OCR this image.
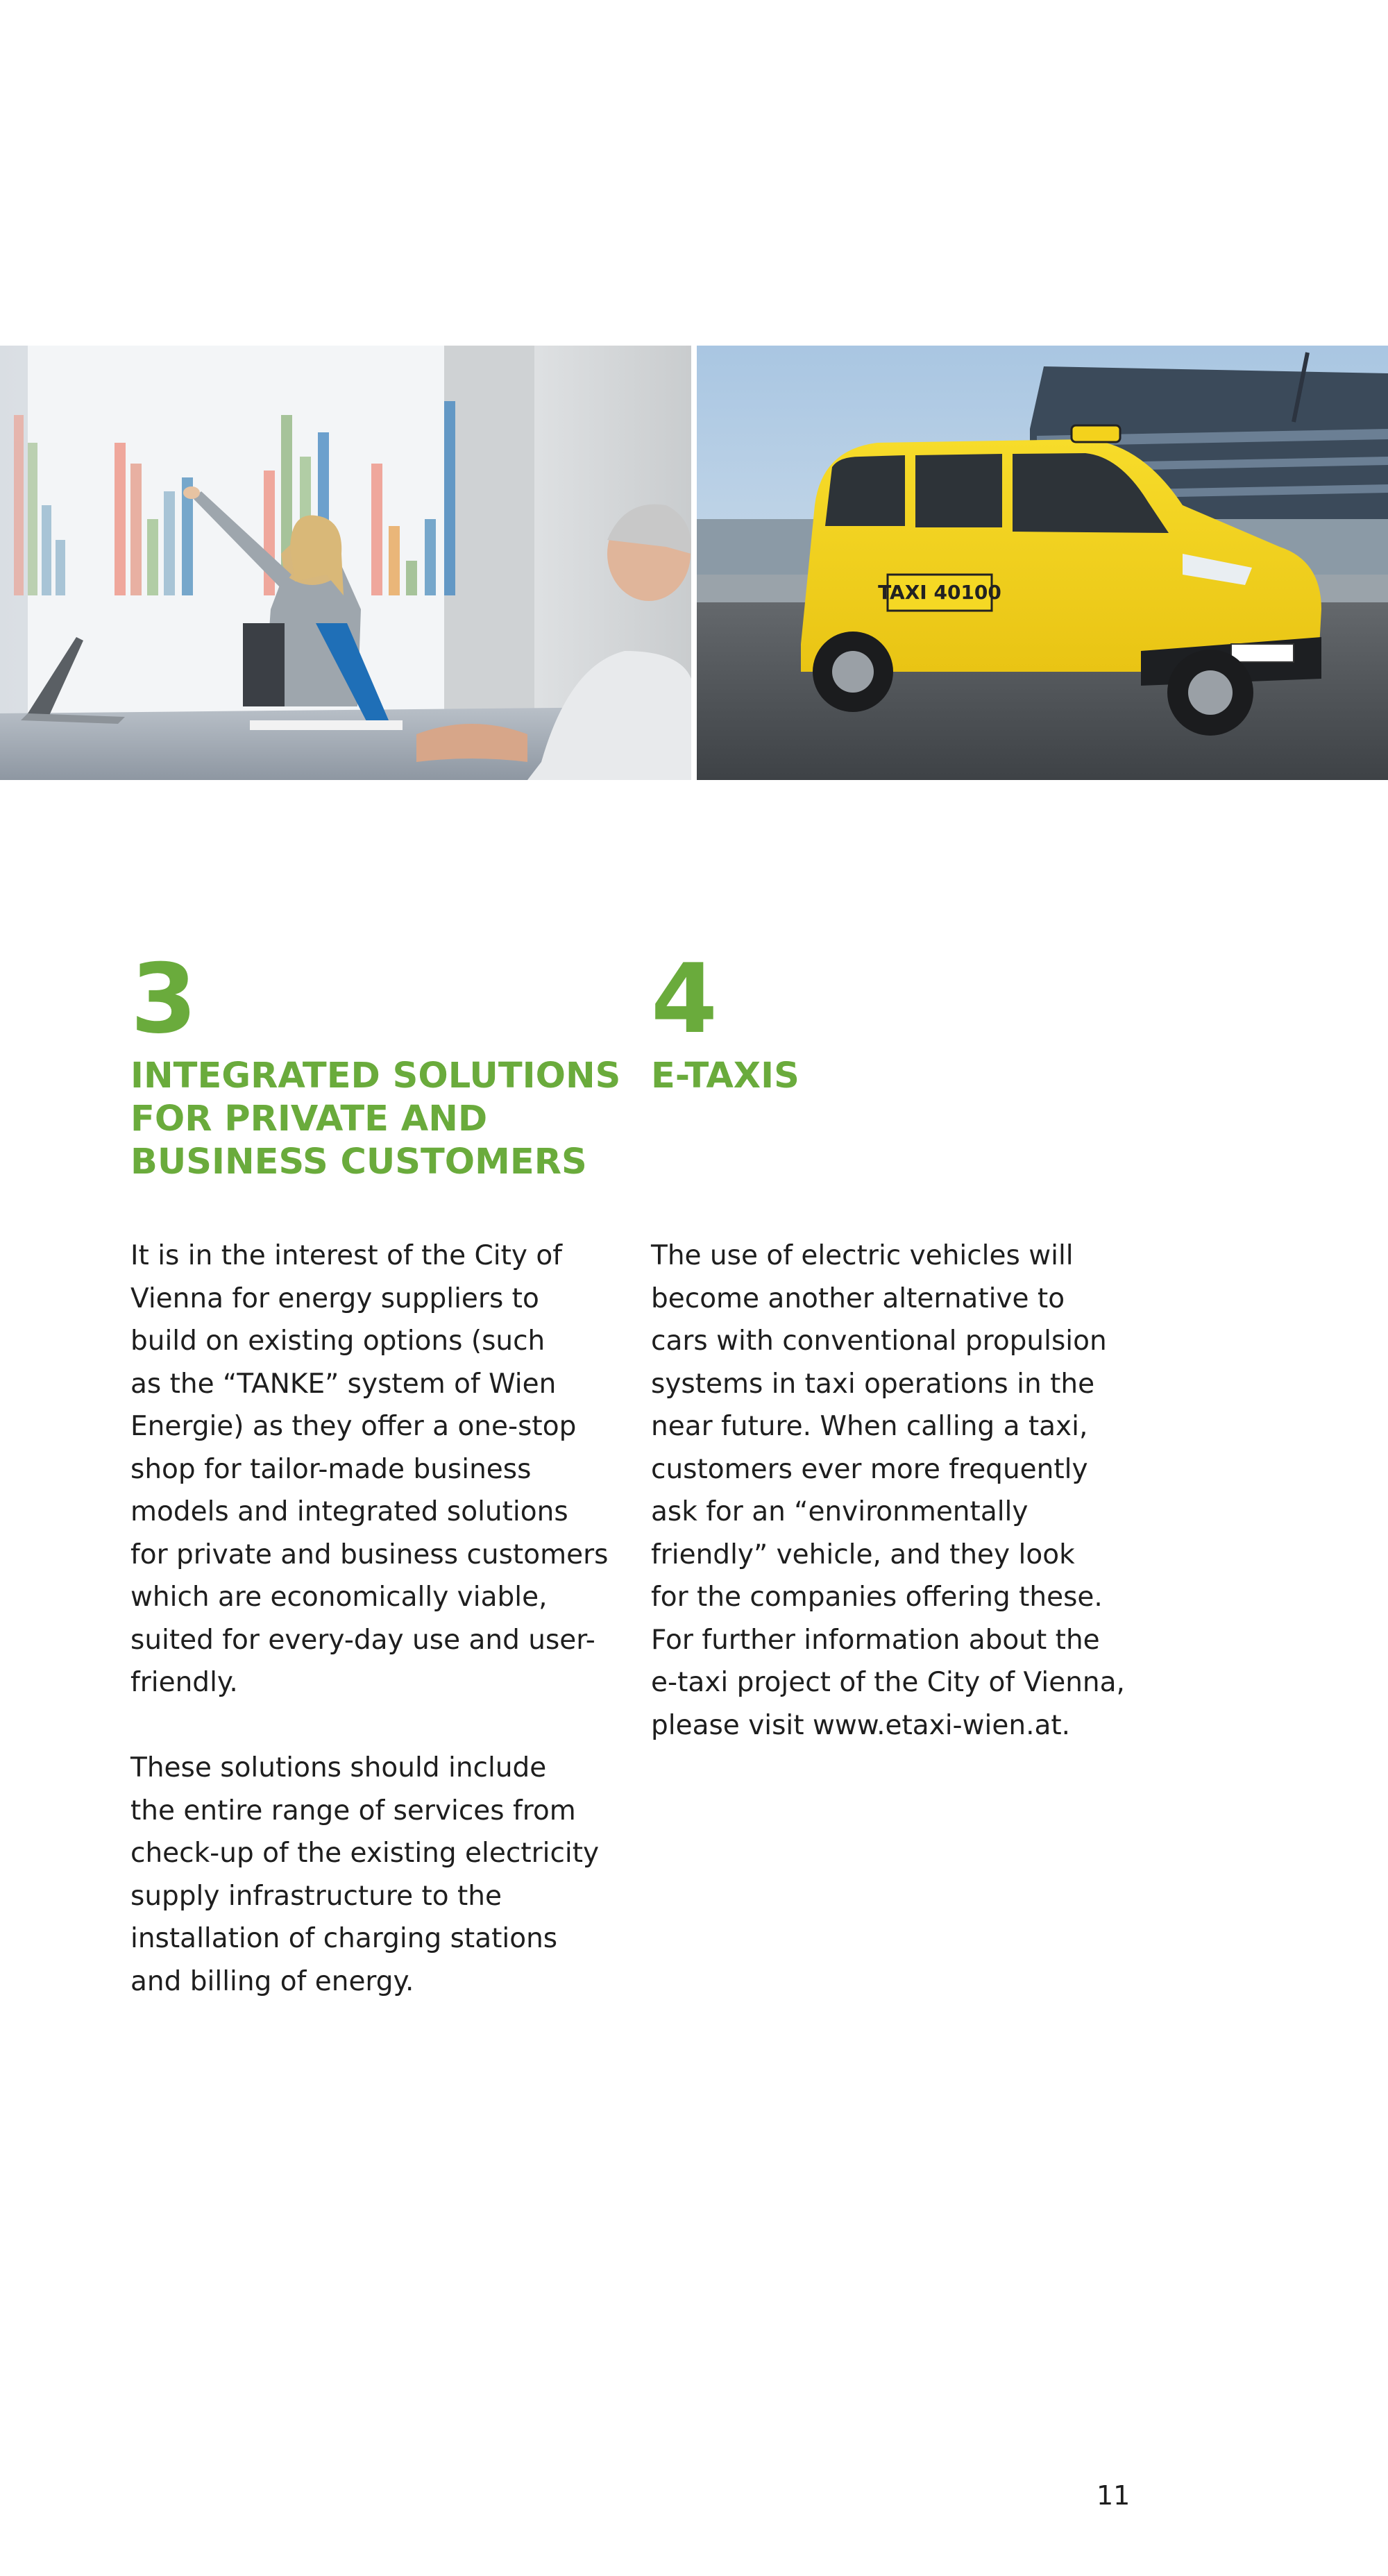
TAXI 40100
3
INTEGRATED SOLUTIONS
FOR PRIVATE AND
BUSINESS CUSTOMERS
4
E-TAXIS
It is in the interest of the City of
Vienna for energy suppliers to
build on existing options (such
as the “TANKE” system of Wien
Energie) as they offer a one-stop
shop for tailor-made business
models and integrated solutions
for private and business customers
which are economically viable,
suited for every-day use and user-
friendly.
These solutions should include
the entire range of services from
check-up of the existing electricity
supply infrastructure to the
installation of charging stations
and billing of energy.
The use of electric vehicles will
become another alternative to
cars with conventional propulsion
systems in taxi operations in the
near future. When calling a taxi,
customers ever more frequently
ask for an “environmentally
friendly” vehicle, and they look
for the companies offering these.
For further information about the
e-taxi project of the City of Vienna,
please visit www.etaxi-wien.at.
11
